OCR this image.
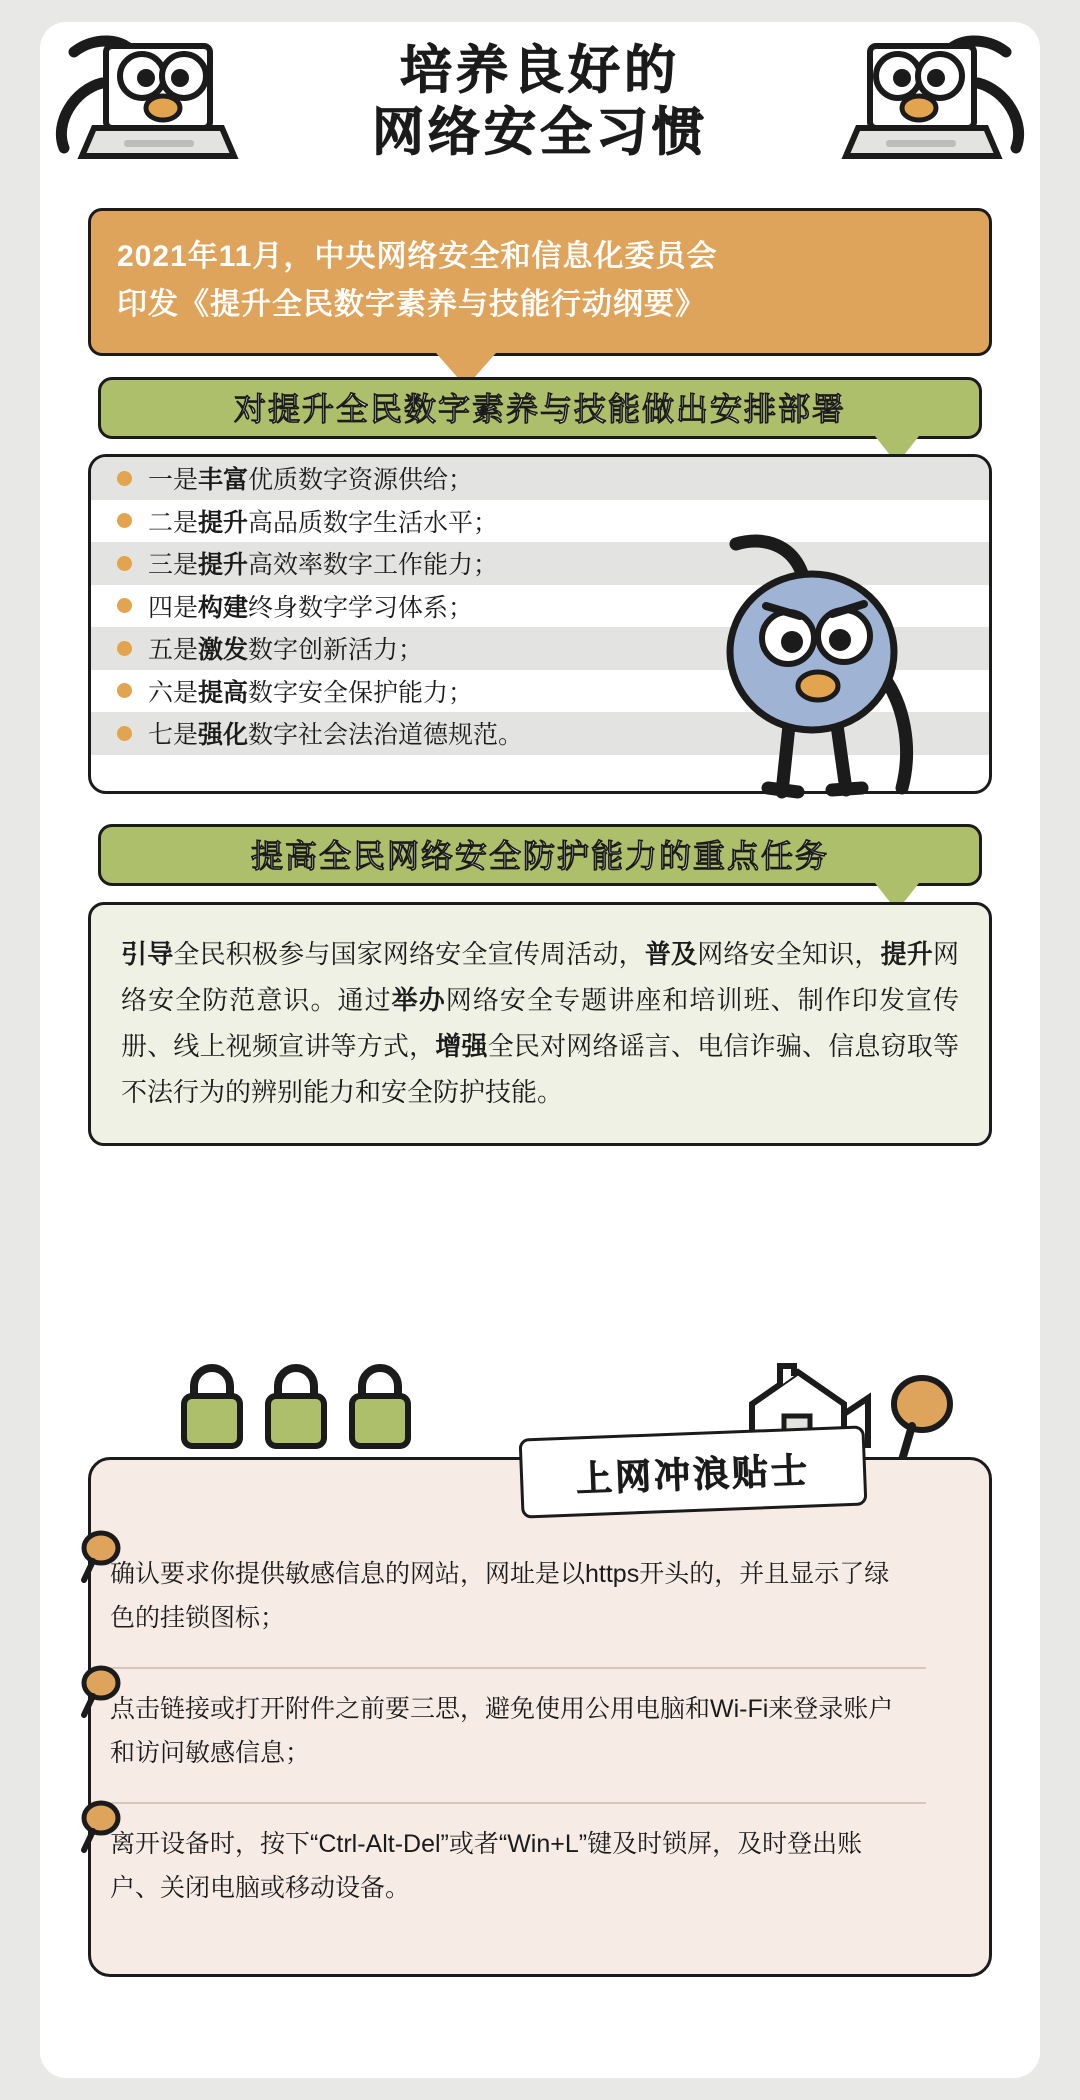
培养良好的
网络安全习惯
2021年11月，中央网络安全和信息化委员会
印发《提升全民数字素养与技能行动纲要》
对提升全民数字素养与技能做出安排部署
一是丰富优质数字资源供给；
二是提升高品质数字生活水平；
三是提升高效率数字工作能力；
四是构建终身数字学习体系；
五是激发数字创新活力；
六是提高数字安全保护能力；
七是强化数字社会法治道德规范。
提高全民网络安全防护能力的重点任务
引导全民积极参与国家网络安全宣传周活动，普及网络安全知识，提升网络安全防范意识。通过举办网络安全专题讲座和培训班、制作印发宣传册、线上视频宣讲等方式，增强全民对网络谣言、电信诈骗、信息窃取等不法行为的辨别能力和安全防护技能。
上网冲浪贴士
确认要求你提供敏感信息的网站，网址是以https开头的，并且显示了绿色的挂锁图标；
点击链接或打开附件之前要三思，避免使用公用电脑和Wi-Fi来登录账户和访问敏感信息；
离开设备时，按下“Ctrl-Alt-Del”或者“Win+L”键及时锁屏，及时登出账户、关闭电脑或移动设备。
